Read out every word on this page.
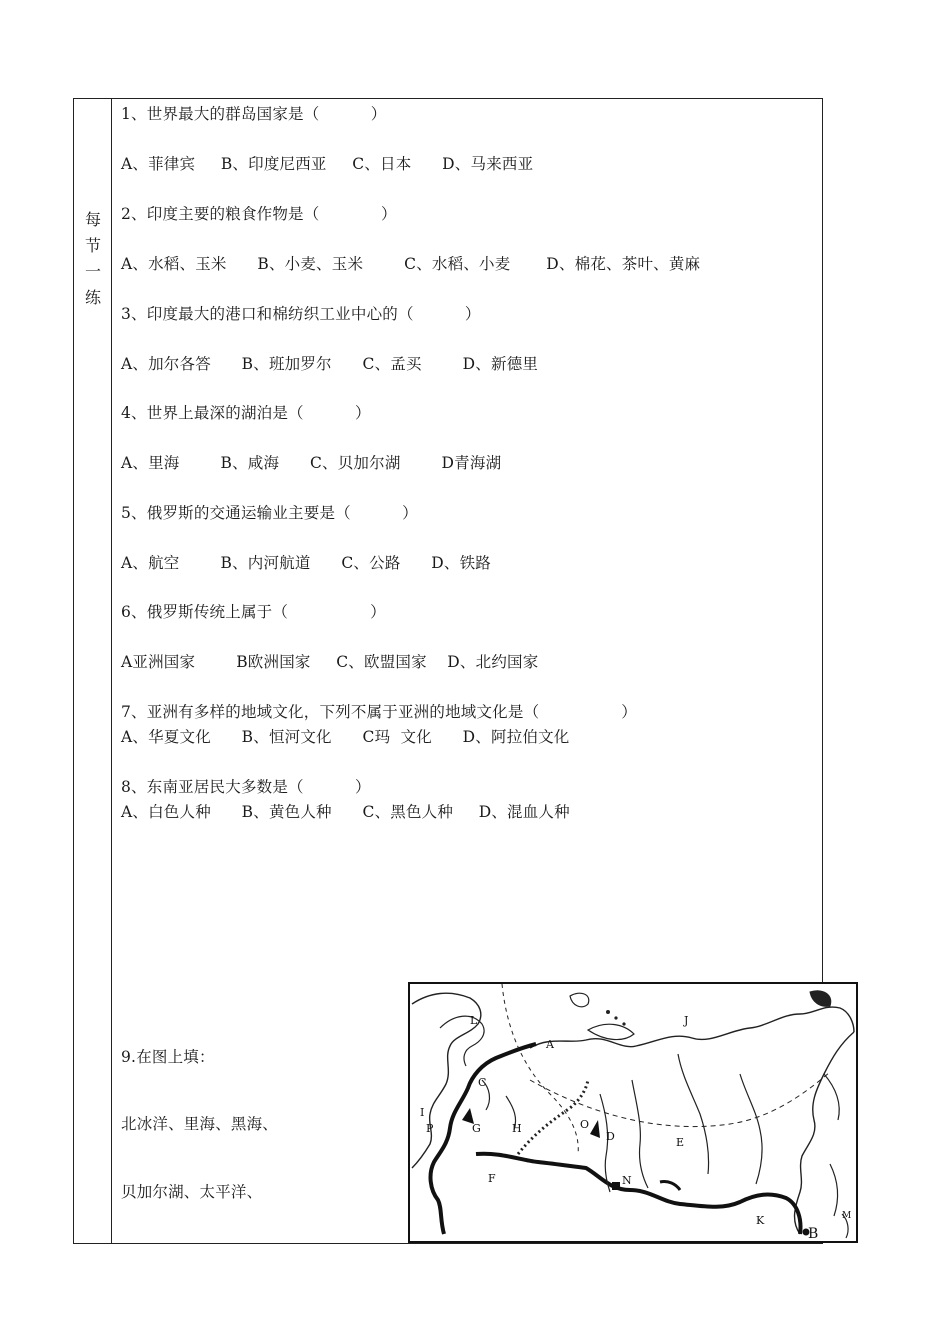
每
节
一
练
1、世界最大的群岛国家是（          ）
A、菲律宾     B、印度尼西亚     C、日本      D、马来西亚
2、印度主要的粮食作物是（            ）
A、水稻、玉米      B、小麦、玉米        C、水稻、小麦       D、棉花、茶叶、黄麻
3、印度最大的港口和棉纺织工业中心的（          ）
A、加尔各答      B、班加罗尔      C、孟买        D、新德里
4、世界上最深的湖泊是（          ）
A、里海        B、咸海      C、贝加尔湖        D青海湖
5、俄罗斯的交通运输业主要是（          ）
A、航空        B、内河航道      C、公路      D、铁路
6、俄罗斯传统上属于（                ）
A亚洲国家        B欧洲国家     C、欧盟国家    D、北约国家
7、亚洲有多样的地域文化，下列不属于亚洲的地域文化是（                ）
A、华夏文化      B、恒河文化      C玛  文化      D、阿拉伯文化
8、东南亚居民大多数是（          ）
A、白色人种      B、黄色人种      C、黑色人种     D、混血人种
9.在图上填：
北冰洋、里海、黑海、
贝加尔湖、太平洋、
L
A
J
C
I
G	H
P	O
D	E
F	N
K
B
M
